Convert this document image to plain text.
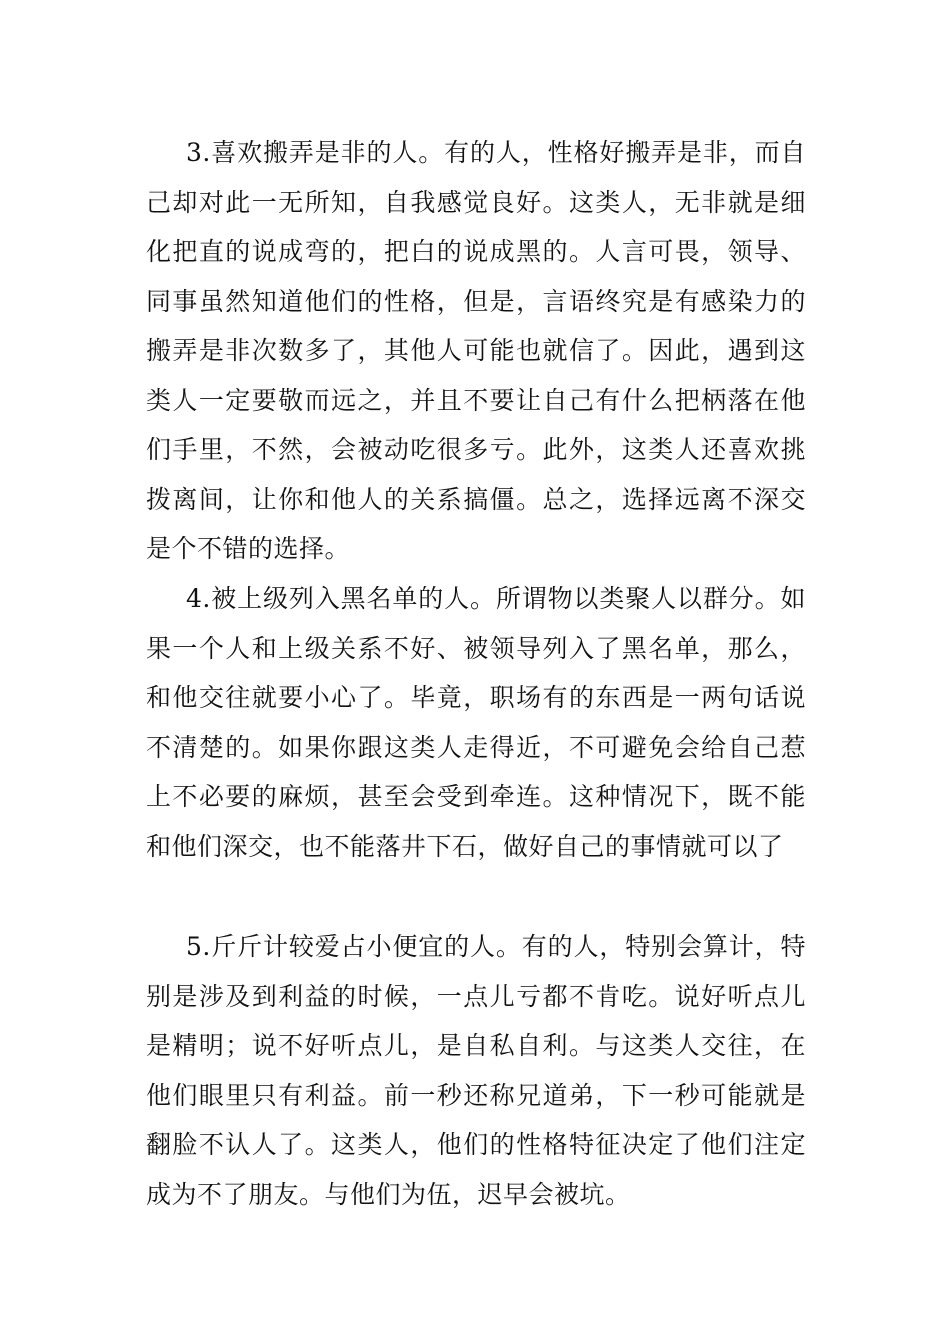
3.喜欢搬弄是非的人。有的人，性格好搬弄是非，而自己却对此一无所知，自我感觉良好。这类人，无非就是细化把直的说成弯的，把白的说成黑的。人言可畏，领导、同事虽然知道他们的性格，但是，言语终究是有感染力的搬弄是非次数多了，其他人可能也就信了。因此，遇到这类人一定要敬而远之，并且不要让自己有什么把柄落在他们手里，不然，会被动吃很多亏。此外，这类人还喜欢挑拨离间，让你和他人的关系搞僵。总之，选择远离不深交是个不错的选择。

4.被上级列入黑名单的人。所谓物以类聚人以群分。如果一个人和上级关系不好、被领导列入了黑名单，那么，和他交往就要小心了。毕竟，职场有的东西是一两句话说不清楚的。如果你跟这类人走得近，不可避免会给自己惹上不必要的麻烦，甚至会受到牵连。这种情况下，既不能和他们深交，也不能落井下石，做好自己的事情就可以了

5.斤斤计较爱占小便宜的人。有的人，特别会算计，特别是涉及到利益的时候，一点儿亏都不肯吃。说好听点儿是精明；说不好听点儿，是自私自利。与这类人交往，在他们眼里只有利益。前一秒还称兄道弟，下一秒可能就是翻脸不认人了。这类人，他们的性格特征决定了他们注定成为不了朋友。与他们为伍，迟早会被坑。
